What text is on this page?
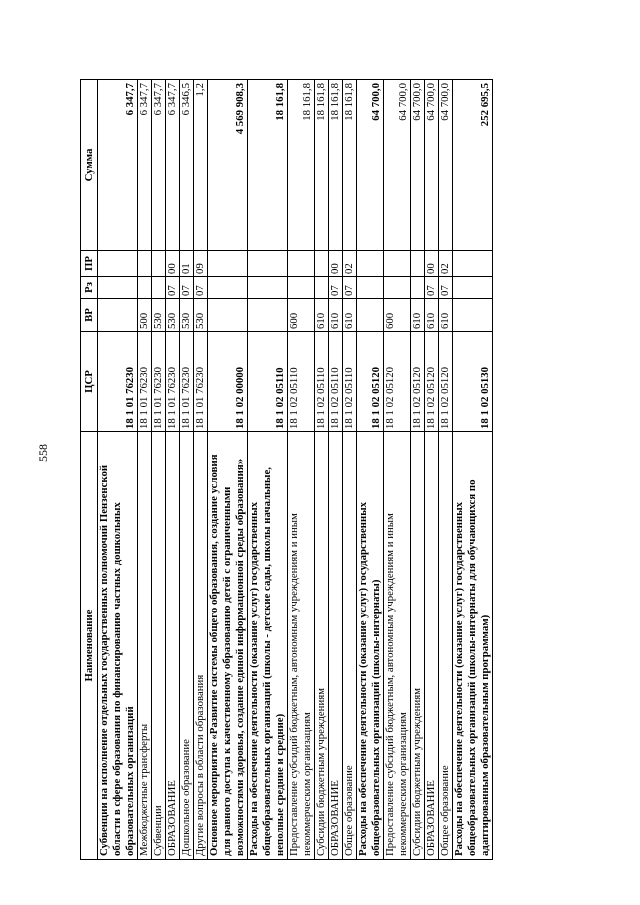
558
Наименование	ЦСР	ВР	Рз	ПР	Сумма
Субвенции на исполнение отдельных государственных полномочий Пензенской области в сфере образования по финансированию частных дошкольных образовательных организаций	18 1 01 76230				6 347,7
Межбюджетные трансферты	18 1 01 76230	500			6 347,7
Субвенции	18 1 01 76230	530			6 347,7
ОБРАЗОВАНИЕ	18 1 01 76230	530	07	00	6 347,7
Дошкольное образование	18 1 01 76230	530	07	01	6 346,5
Другие вопросы в области образования	18 1 01 76230	530	07	09	1,2
Основное мероприятие «Развитие системы общего образования, создание условия для равного доступа к качественному образованию детей с ограниченными возможностями здоровья, создание единой информационной среды образования»	18 1 02 00000				4 569 908,3
Расходы на обеспечение деятельности (оказание услуг) государственных общеобразовательных организаций (школы - детские сады, школы начальные, неполные средние и средние)	18 1 02 05110				18 161,8
Предоставление субсидий бюджетным, автономным учреждениям и иным некоммерческим организациям	18 1 02 05110	600			18 161,8
Субсидии бюджетным учреждениям	18 1 02 05110	610			18 161,8
ОБРАЗОВАНИЕ	18 1 02 05110	610	07	00	18 161,8
Общее образование	18 1 02 05110	610	07	02	18 161,8
Расходы на обеспечение деятельности (оказание услуг) государственных общеобразовательных организаций (школы-интернаты)	18 1 02 05120				64 700,0
Предоставление субсидий бюджетным, автономным учреждениям и иным некоммерческим организациям	18 1 02 05120	600			64 700,0
Субсидии бюджетным учреждениям	18 1 02 05120	610			64 700,0
ОБРАЗОВАНИЕ	18 1 02 05120	610	07	00	64 700,0
Общее образование	18 1 02 05120	610	07	02	64 700,0
Расходы на обеспечение деятельности (оказание услуг) государственных общеобразовательных организаций (школы-интернаты для обучающихся по адаптированным образовательным программам)	18 1 02 05130				252 695,5
